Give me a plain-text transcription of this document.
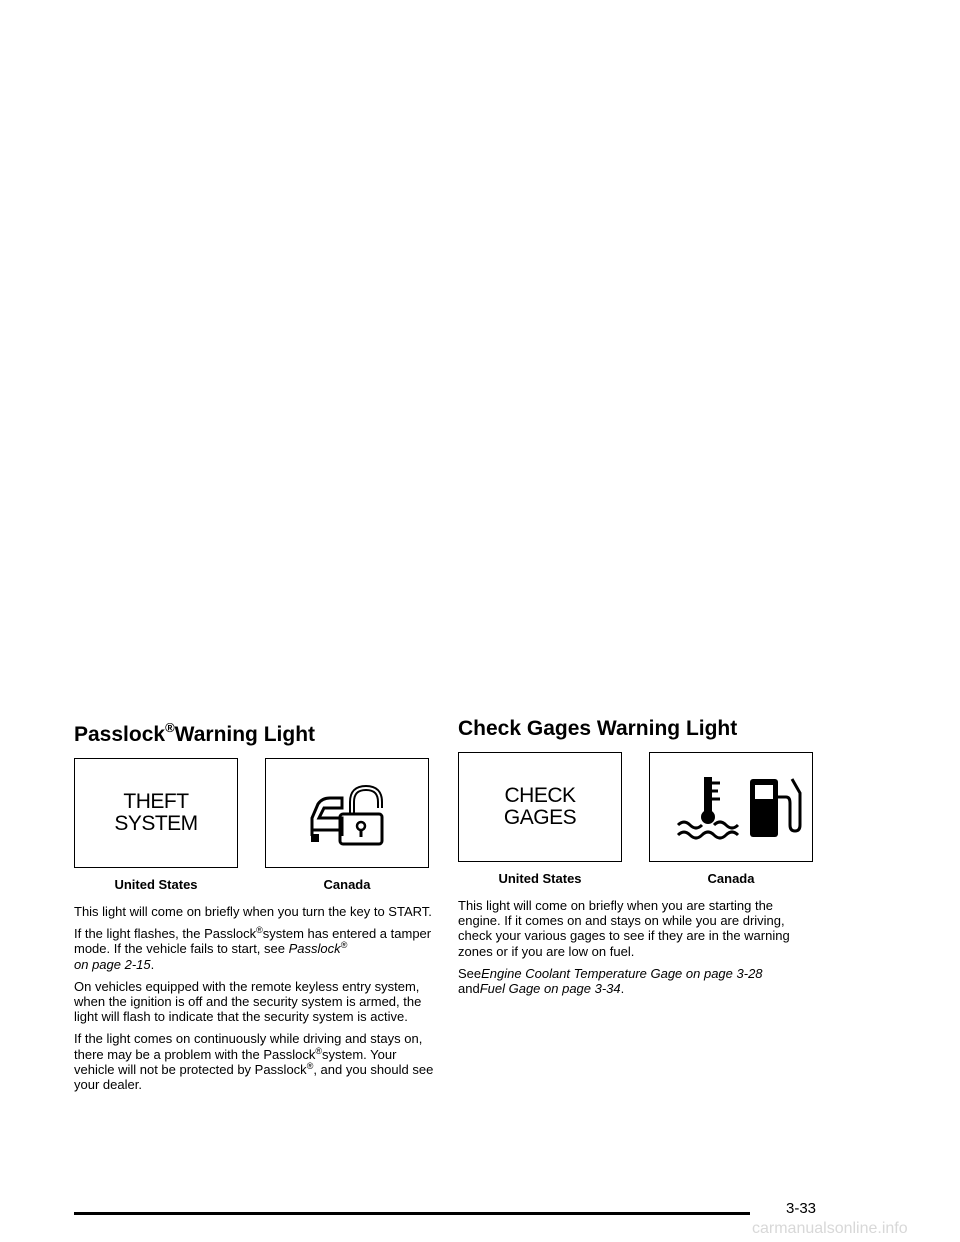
Passlock®Warning Light
THEFT
SYSTEM
United States	Canada

This light will come on briefly when you turn the key to START.

If the light flashes, the Passlock®system has entered a tamper mode. If the vehicle fails to start, see Passlock®
on page 2-15.

On vehicles equipped with the remote keyless entry system, when the ignition is off and the security system is armed, the light will flash to indicate that the security system is active.

If the light comes on continuously while driving and stays on, there may be a problem with the Passlock®system. Your vehicle will not be protected by Passlock®, and you should see your dealer.

Check Gages Warning Light
CHECK
GAGES
United States	Canada

This light will come on briefly when you are starting the engine. If it comes on and stays on while you are driving, check your various gages to see if they are in the warning zones or if you are low on fuel.

SeeEngine Coolant Temperature Gage on page 3-28
andFuel Gage on page 3-34.

3-33
carmanualsonline.info
